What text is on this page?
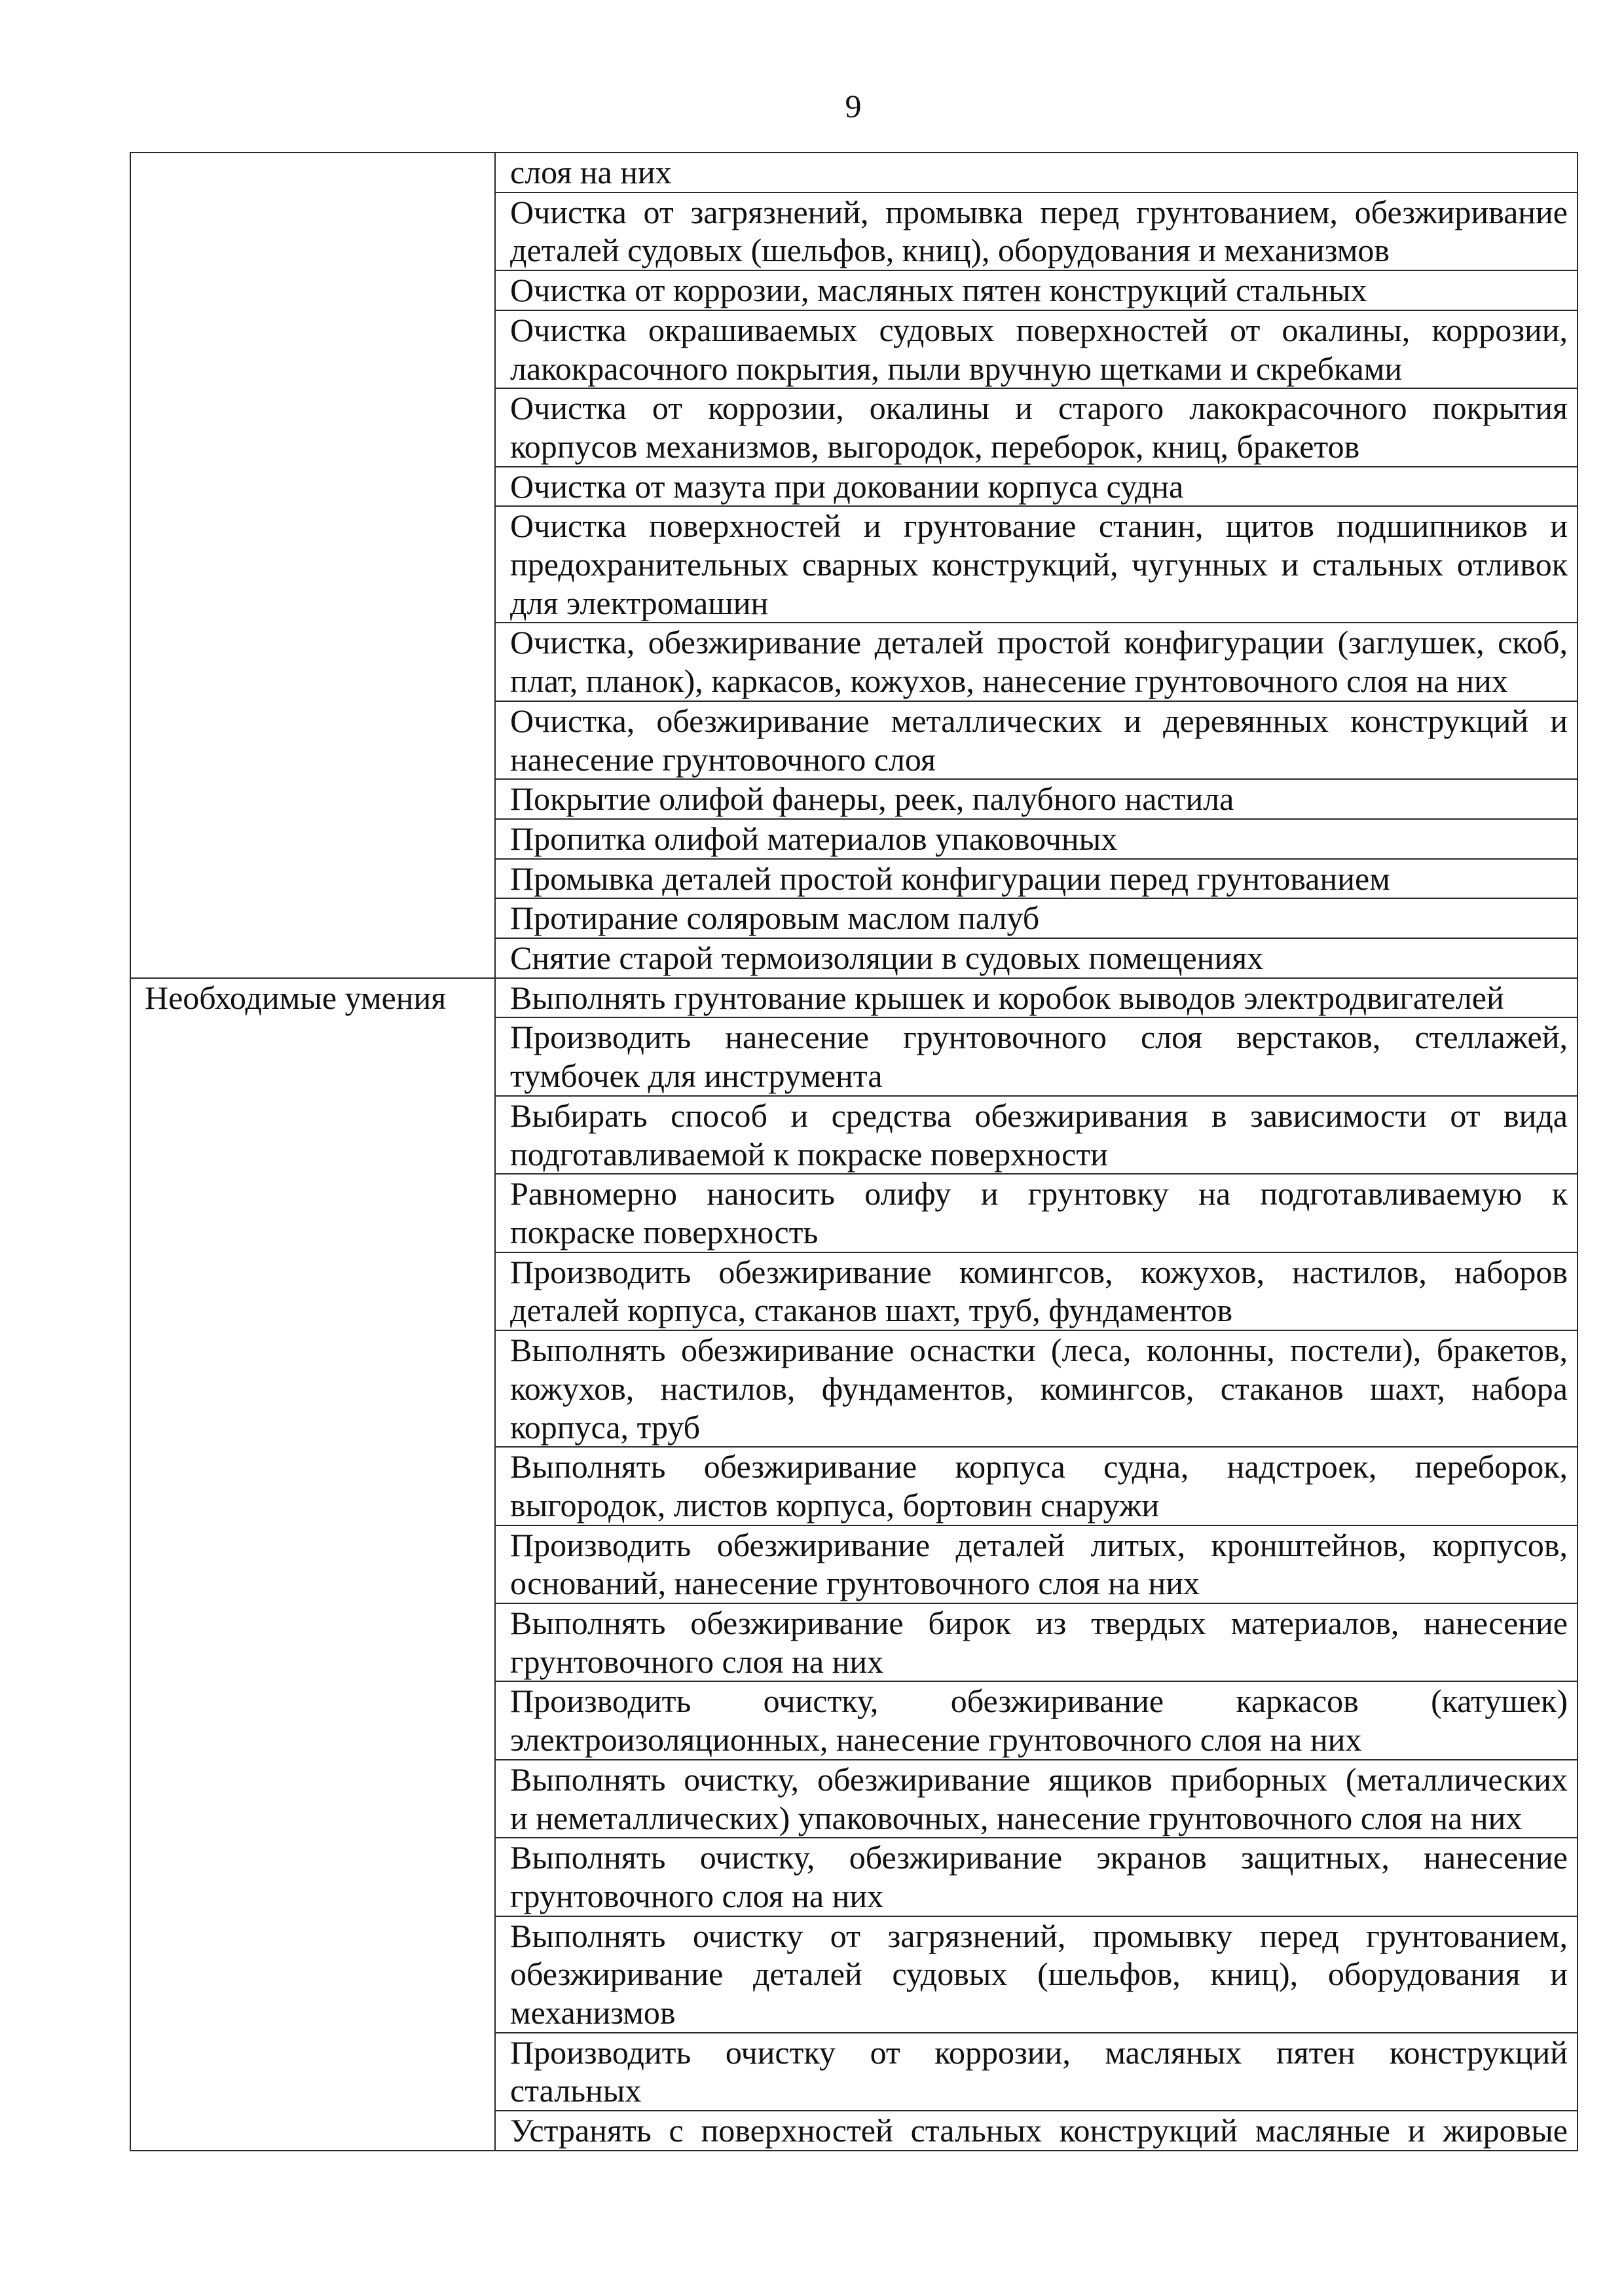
9

	слоя на них

	Очистка от загрязнений, промывка перед грунтованием, обезжиривание
деталей судовых (шельфов, книц), оборудования и механизмов

	Очистка от коррозии, масляных пятен конструкций стальных

	Очистка окрашиваемых судовых поверхностей от окалины, коррозии,
лакокрасочного покрытия, пыли вручную щетками и скребками

	Очистка от коррозии, окалины и старого лакокрасочного покрытия
корпусов механизмов, выгородок, переборок, книц, бракетов

	Очистка от мазута при доковании корпуса судна

	Очистка поверхностей и грунтование станин, щитов подшипников и
предохранительных сварных конструкций, чугунных и стальных отливок
для электромашин

	Очистка, обезжиривание деталей простой конфигурации (заглушек, скоб,
плат, планок), каркасов, кожухов, нанесение грунтовочного слоя на них

	Очистка, обезжиривание металлических и деревянных конструкций и
нанесение грунтовочного слоя

	Покрытие олифой фанеры, реек, палубного настила

	Пропитка олифой материалов упаковочных

	Промывка деталей простой конфигурации перед грунтованием

	Протирание соляровым маслом палуб

	Снятие старой термоизоляции в судовых помещениях

Необходимые умения	Выполнять грунтование крышек и коробок выводов электродвигателей

	Производить нанесение грунтовочного слоя верстаков, стеллажей,
тумбочек для инструмента

	Выбирать способ и средства обезжиривания в зависимости от вида
подготавливаемой к покраске поверхности

	Равномерно наносить олифу и грунтовку на подготавливаемую к
покраске поверхность

	Производить обезжиривание комингсов, кожухов, настилов, наборов
деталей корпуса, стаканов шахт, труб, фундаментов

	Выполнять обезжиривание оснастки (леса, колонны, постели), бракетов,
кожухов, настилов, фундаментов, комингсов, стаканов шахт, набора
корпуса, труб

	Выполнять обезжиривание корпуса судна, надстроек, переборок,
выгородок, листов корпуса, бортовин снаружи

	Производить обезжиривание деталей литых, кронштейнов, корпусов,
оснований, нанесение грунтовочного слоя на них

	Выполнять обезжиривание бирок из твердых материалов, нанесение
грунтовочного слоя на них

	Производить очистку, обезжиривание каркасов (катушек)
электроизоляционных, нанесение грунтовочного слоя на них

	Выполнять очистку, обезжиривание ящиков приборных (металлических
и неметаллических) упаковочных, нанесение грунтовочного слоя на них

	Выполнять очистку, обезжиривание экранов защитных, нанесение
грунтовочного слоя на них

	Выполнять очистку от загрязнений, промывку перед грунтованием,
обезжиривание деталей судовых (шельфов, книц), оборудования и
механизмов

	Производить очистку от коррозии, масляных пятен конструкций
стальных

	Устранять с поверхностей стальных конструкций масляные и жировые
